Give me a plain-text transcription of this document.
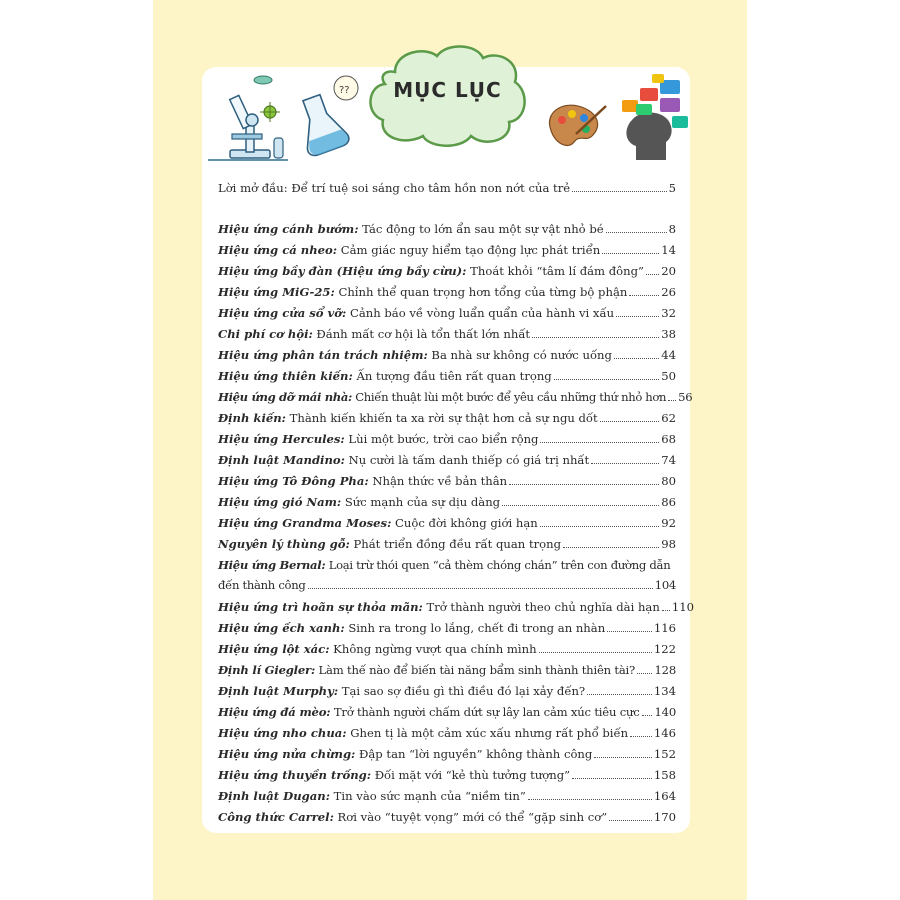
MỤC LỤC
??
Lời mở đầu: Để trí tuệ soi sáng cho tâm hồn non nớt của trẻ	5
Hiệu ứng cánh bướm: Tác động to lớn ẩn sau một sự vật nhỏ bé	8
Hiệu ứng cá nheo: Cảm giác nguy hiểm tạo động lực phát triển	14
Hiệu ứng bầy đàn (Hiệu ứng bầy cừu): Thoát khỏi “tâm lí đám đông” 20
Hiệu ứng MiG-25: Chỉnh thể quan trọng hơn tổng của từng bộ phận	26
Hiệu ứng cửa sổ vỡ: Cảnh báo về vòng luẩn quẩn của hành vi xấu	32
Chi phí cơ hội: Đánh mất cơ hội là tổn thất lớn nhất	38
Hiệu ứng phân tán trách nhiệm: Ba nhà sư không có nước uống	44
Hiệu ứng thiên kiến: Ấn tượng đầu tiên rất quan trọng	50
Hiệu ứng dỡ mái nhà: Chiến thuật lùi một bước để yêu cầu những thứ nhỏ hơn 56
Định kiến: Thành kiến khiến ta xa rời sự thật hơn cả sự ngu dốt	62
Hiệu ứng Hercules: Lùi một bước, trời cao biển rộng	68
Định luật Mandino: Nụ cười là tấm danh thiếp có giá trị nhất	74
Hiệu ứng Tô Đông Pha: Nhận thức về bản thân	80
Hiệu ứng gió Nam: Sức mạnh của sự dịu dàng	86
Hiệu ứng Grandma Moses: Cuộc đời không giới hạn	92
Nguyên lý thùng gỗ: Phát triển đồng đều rất quan trọng	98
Hiệu ứng Bernal: Loại trừ thói quen “cả thèm chóng chán” trên con đường dẫn
đến thành công	104
Hiệu ứng trì hoãn sự thỏa mãn: Trở thành người theo chủ nghĩa dài hạn 110
Hiệu ứng ếch xanh: Sinh ra trong lo lắng, chết đi trong an nhàn	116
Hiệu ứng lột xác: Không ngừng vượt qua chính mình	122
Định lí Giegler: Làm thế nào để biến tài năng bẩm sinh thành thiên tài? 128
Định luật Murphy: Tại sao sợ điều gì thì điều đó lại xảy đến?	134
Hiệu ứng đá mèo: Trở thành người chấm dứt sự lây lan cảm xúc tiêu cực 140
Hiệu ứng nho chua: Ghen tị là một cảm xúc xấu nhưng rất phổ biến 146
Hiệu ứng nửa chừng: Đập tan “lời nguyền” không thành công	152
Hiệu ứng thuyền trống: Đối mặt với “kẻ thù tưởng tượng”	158
Định luật Dugan: Tin vào sức mạnh của “niềm tin”	164
Công thức Carrel: Rơi vào “tuyệt vọng” mới có thể “gặp sinh cơ”	170
